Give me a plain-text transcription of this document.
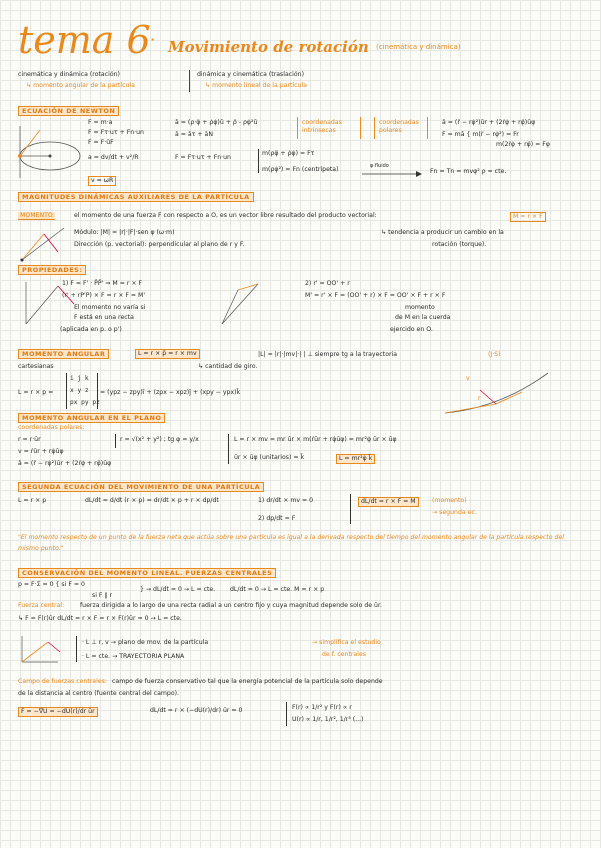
tema 6 · Movimiento de rotación (cinemática y dinámica)
cinemática y dinámica (rotación)
↳ momento angular de la partícula
dinámica y cinemática (traslación)
↳ momento lineal de la partícula
ECUACIÓN DE NEWTON
F = m·a
F = Fτ·uτ + Fn·un
F = F·ūF
a = dv/dt + v²/R
v = ωR
ā = (ρ·φ̈ + ρ̇φ̇)ū + ρ̈ - ρφ̇²ū
ā = āτ + āN
F = Fτ·uτ + Fn·un
coordenadas intrínsecas
coordenadas polares
ā = (r̈ − rφ̇²)ūr + (2ṙφ̇ + rφ̈)ūφ
F = mā { m(r̈ − rφ̇²) = Fr
m(2ṙφ̇ + rφ̈) = Fφ
m(ρφ̈ + ρ̇φ̇) = Fτ
m(ρφ̇²) = Fn (centrípeta)	φ·fluido
Fn = Tn = mvφ² ρ = cte.
MAGNITUDES DINÁMICAS AUXILIARES DE LA PARTÍCULA
MOMENTO	el momento de una fuerza F con respecto a O, es un vector libre resultado del producto vectorial:	M = r × F
Módulo: |M| = |r|·|F|·sen φ (ω·m)
Dirección (p. vectorial): perpendicular al plano de r y F.
↳ tendencia a producir un cambio en la
rotación (torque).
PROPIEDADES:
1) F = F' · P̄P̄' ⇒ M = r × F
(r' + rP'P) × F = r × F = M'
El momento no varía si
F está en una recta
(aplicada en p. o p')
2) r' = OO' + r
M' = r' × F = (OO' + r) × F = OO' × F + r × F
momento
de M en la cuerda
ejercido en O.
MOMENTO ANGULAR	L = r × p̄ = r × mv	|L| = |r|·|mv|·| | ⊥ siempre tg a la trayectoria	(J·S)
cartesianas	↳ cantidad de giro.
L = r × p =
i j k
x y z
px py pz
= (ypz − zpy)ī + (zpx − xpz)j̄ + (xpy − ypx)k̄
v
r
MOMENTO ANGULAR EN EL PLANO
coordenadas polares:
r = r·ūr
v = ṙūr + rφ̇ūφ
ā = (r̈ − rφ̇²)ūr + (2ṙφ̇ + rφ̈)ūφ
r = √(x² + y²) ; tg φ = y/x	L = r × mv = mr ūr × m(ṙūr + rφ̇ūφ) = mr²φ̇ ūr × ūφ
ūr × ūφ (unitarios) = k̄	L = mr²φ̇ k̄
SEGUNDA ECUACIÓN DEL MOVIMIENTO DE UNA PARTÍCULA
L = r × p	dL/dt = d/dt (r × p) = dr/dt × p + r × dp/dt	1) dr/dt × mv = 0
2) dp/dt = F
dL/dt = r × F = M	(momento)
→ segunda ec.
"El momento respecto de un punto de la fuerza neta que actúa sobre una partícula es igual a la derivada respecto del tiempo del momento angular de la partícula respecto del mismo punto."
CONSERVACIÓN DEL MOMENTO LINEAL. FUERZAS CENTRALES
p = F·Σ = 0 { si F = 0
si F ∥ r
} → dL/dt = 0 → L = cte. dL/dt = 0 → L = cte. M = r × p
Fuerza central:	fuerza dirigida a lo largo de una recta radial a un centro fijo y cuya magnitud depende solo de ūr.
↳ F = F(r)ūr dL/dt = r × F = r × F(r)ūr = 0 → L = cte.
· L ⊥ r, v → plano de mov. de la partícula
· L = cte. → TRAYECTORIA PLANA
→ simplifica el estudio
de f. centrales
Campo de fuerzas centrales: campo de fuerza conservativo tal que la energía potencial de la partícula solo depende
de la distancia al centro (fuente central del campo).
F = −∇U = −dU(r)/dr ūr	dL/dt = r × (−dU(r)/dr) ūr = 0	F(r) ∝ 1/r² y F(r) ∝ r
U(r) ∝ 1/r, 1/r², 1/r³ (...)
